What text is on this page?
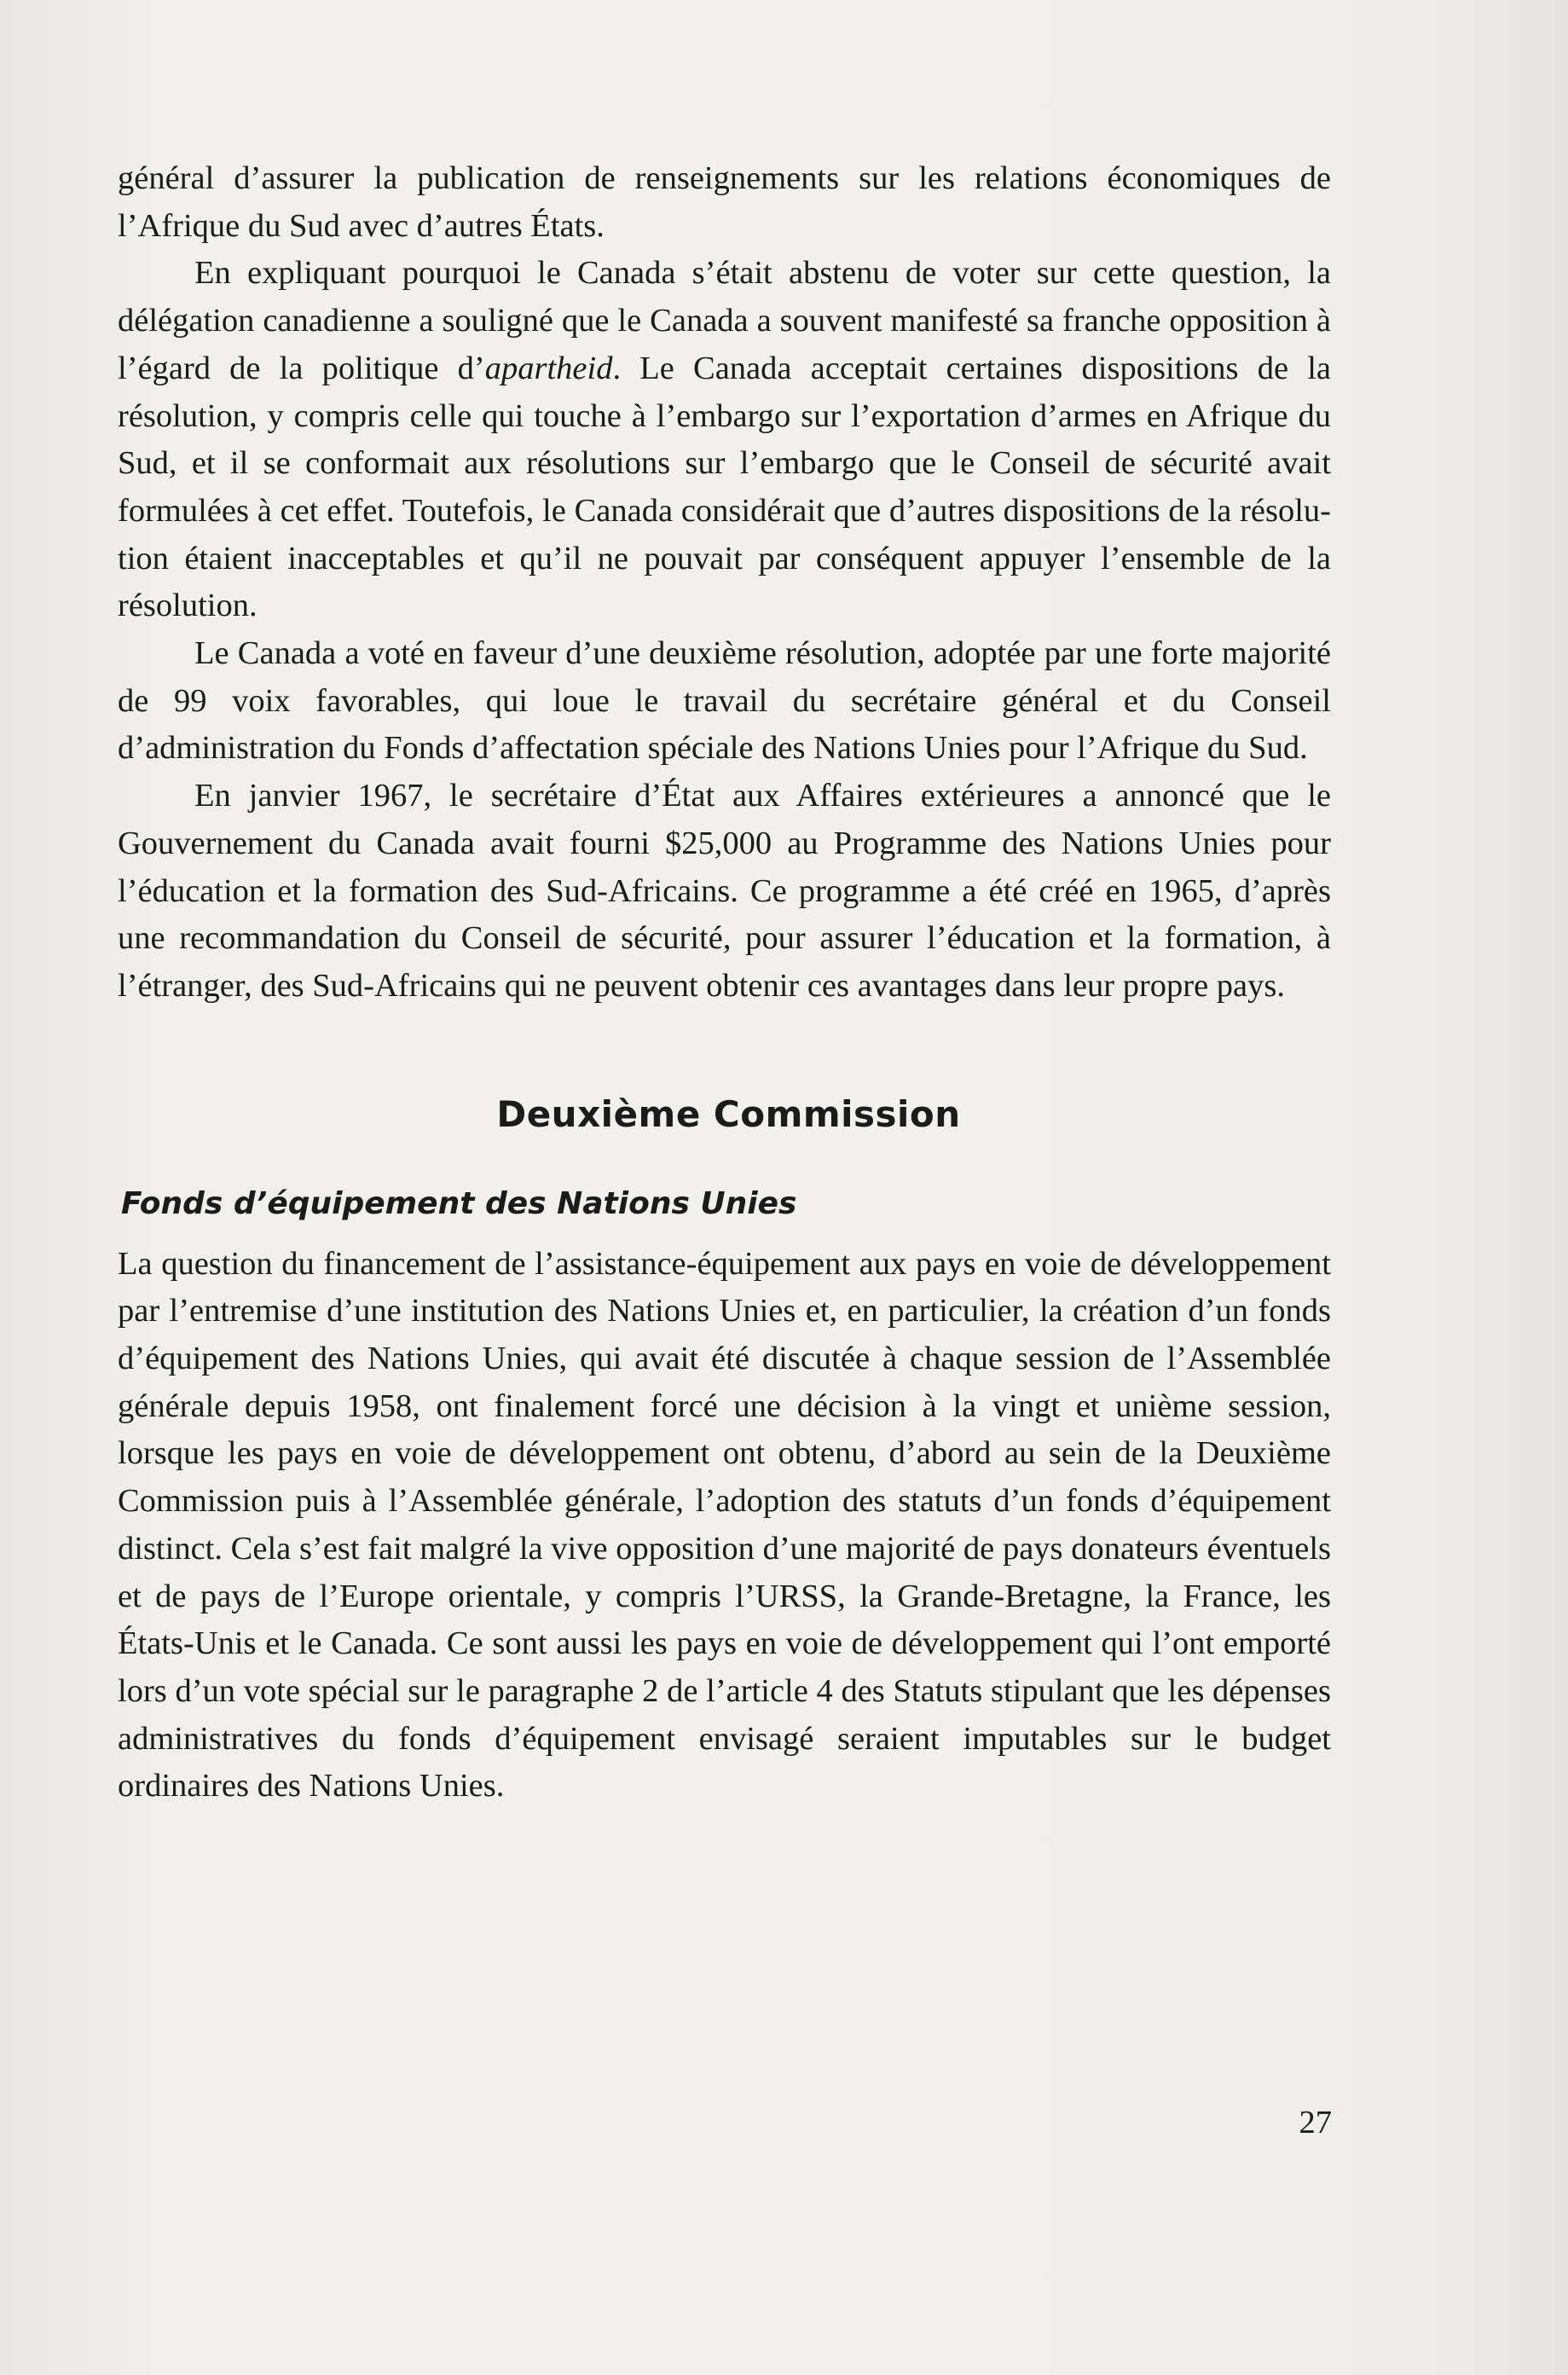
général d’assurer la publication de renseignements sur les relations économiques de l’Afrique du Sud avec d’autres États.

En expliquant pourquoi le Canada s’était abstenu de voter sur cette question, la délégation canadienne a souligné que le Canada a souvent manifesté sa franche opposition à l’égard de la politique d’apartheid. Le Canada acceptait certaines dispositions de la résolution, y compris celle qui touche à l’embargo sur l’exportation d’armes en Afrique du Sud, et il se conformait aux résolutions sur l’embargo que le Conseil de sécurité avait formulées à cet effet. Toutefois, le Canada considérait que d’autres dispositions de la résolution étaient inacceptables et qu’il ne pouvait par conséquent appuyer l’ensemble de la résolution.

Le Canada a voté en faveur d’une deuxième résolution, adoptée par une forte majorité de 99 voix favorables, qui loue le travail du secrétaire général et du Conseil d’administration du Fonds d’affectation spéciale des Nations Unies pour l’Afrique du Sud.

En janvier 1967, le secrétaire d’État aux Affaires extérieures a annoncé que le Gouvernement du Canada avait fourni $25,000 au Programme des Nations Unies pour l’éducation et la formation des Sud-Africains. Ce programme a été créé en 1965, d’après une recommandation du Conseil de sécurité, pour assurer l’éducation et la formation, à l’étranger, des Sud-Africains qui ne peuvent obtenir ces avantages dans leur propre pays.

Deuxième Commission
Fonds d’équipement des Nations Unies

La question du financement de l’assistance-équipement aux pays en voie de développement par l’entremise d’une institution des Nations Unies et, en particulier, la création d’un fonds d’équipement des Nations Unies, qui avait été discutée à chaque session de l’Assemblée générale depuis 1958, ont finalement forcé une décision à la vingt et unième session, lorsque les pays en voie de développement ont obtenu, d’abord au sein de la Deuxième Commission puis à l’Assemblée générale, l’adoption des statuts d’un fonds d’équipement distinct. Cela s’est fait malgré la vive opposition d’une majorité de pays donateurs éventuels et de pays de l’Europe orientale, y compris l’URSS, la Grande-Bretagne, la France, les États-Unis et le Canada. Ce sont aussi les pays en voie de développement qui l’ont emporté lors d’un vote spécial sur le paragraphe 2 de l’article 4 des Statuts stipulant que les dépenses administratives du fonds d’équipement envisagé seraient imputables sur le budget ordinaires des Nations Unies.

27
